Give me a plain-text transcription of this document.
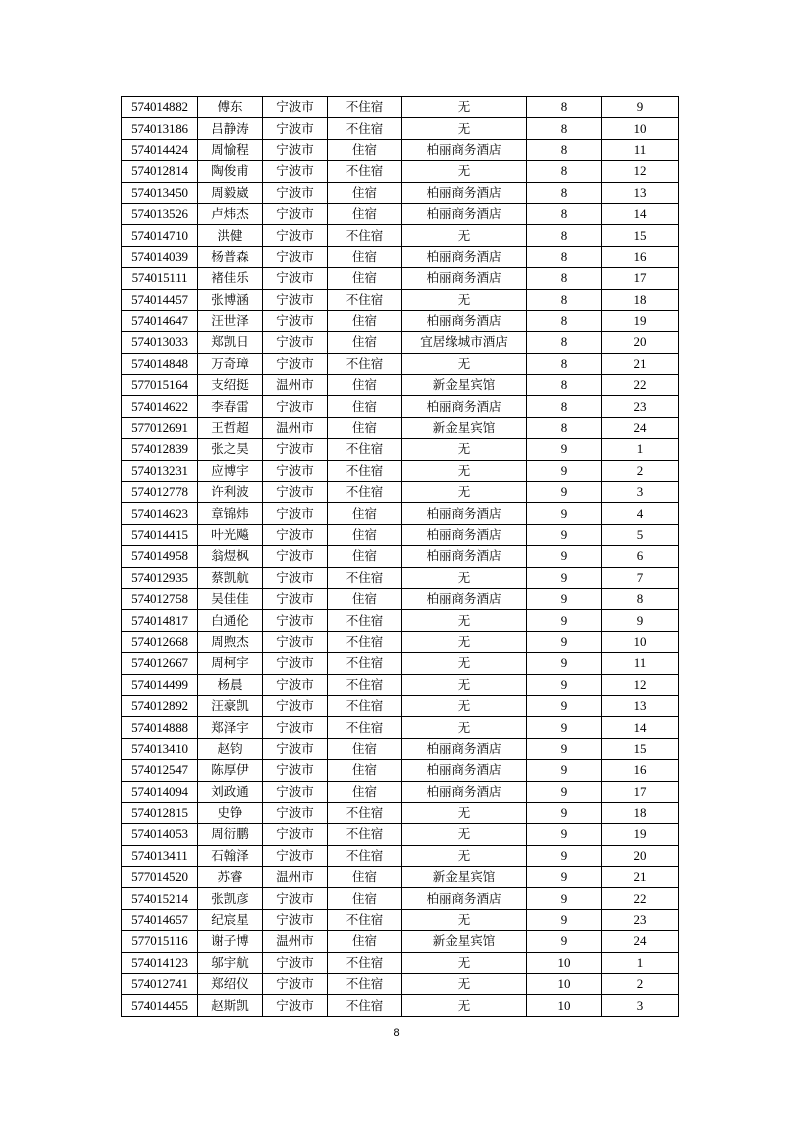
574014882	傅东	宁波市	不住宿	无	8	9
574013186	吕静涛	宁波市	不住宿	无	8	10
574014424	周愉程	宁波市	住宿	柏丽商务酒店	8	11
574012814	陶俊甫	宁波市	不住宿	无	8	12
574013450	周毅崴	宁波市	住宿	柏丽商务酒店	8	13
574013526	卢炜杰	宁波市	住宿	柏丽商务酒店	8	14
574014710	洪健	宁波市	不住宿	无	8	15
574014039	杨普森	宁波市	住宿	柏丽商务酒店	8	16
574015111	褚佳乐	宁波市	住宿	柏丽商务酒店	8	17
574014457	张博涵	宁波市	不住宿	无	8	18
574014647	汪世泽	宁波市	住宿	柏丽商务酒店	8	19
574013033	郑凯日	宁波市	住宿	宜居缘城市酒店	8	20
574014848	万奇璋	宁波市	不住宿	无	8	21
577015164	支绍挺	温州市	住宿	新金星宾馆	8	22
574014622	李春雷	宁波市	住宿	柏丽商务酒店	8	23
577012691	王哲超	温州市	住宿	新金星宾馆	8	24
574012839	张之昊	宁波市	不住宿	无	9	1
574013231	应博宇	宁波市	不住宿	无	9	2
574012778	许利波	宁波市	不住宿	无	9	3
574014623	章锦炜	宁波市	住宿	柏丽商务酒店	9	4
574014415	叶光飚	宁波市	住宿	柏丽商务酒店	9	5
574014958	翁煜枫	宁波市	住宿	柏丽商务酒店	9	6
574012935	蔡凯航	宁波市	不住宿	无	9	7
574012758	吴佳佳	宁波市	住宿	柏丽商务酒店	9	8
574014817	白通伦	宁波市	不住宿	无	9	9
574012668	周煦杰	宁波市	不住宿	无	9	10
574012667	周柯宇	宁波市	不住宿	无	9	11
574014499	杨晨	宁波市	不住宿	无	9	12
574012892	汪豪凯	宁波市	不住宿	无	9	13
574014888	郑泽宇	宁波市	不住宿	无	9	14
574013410	赵钧	宁波市	住宿	柏丽商务酒店	9	15
574012547	陈厚伊	宁波市	住宿	柏丽商务酒店	9	16
574014094	刘政通	宁波市	住宿	柏丽商务酒店	9	17
574012815	史铮	宁波市	不住宿	无	9	18
574014053	周衍鹏	宁波市	不住宿	无	9	19
574013411	石翰泽	宁波市	不住宿	无	9	20
577014520	苏睿	温州市	住宿	新金星宾馆	9	21
574015214	张凯彦	宁波市	住宿	柏丽商务酒店	9	22
574014657	纪宸星	宁波市	不住宿	无	9	23
577015116	谢子博	温州市	住宿	新金星宾馆	9	24
574014123	邬宇航	宁波市	不住宿	无	10	1
574012741	郑绍仪	宁波市	不住宿	无	10	2
574014455	赵斯凯	宁波市	不住宿	无	10	3
8
